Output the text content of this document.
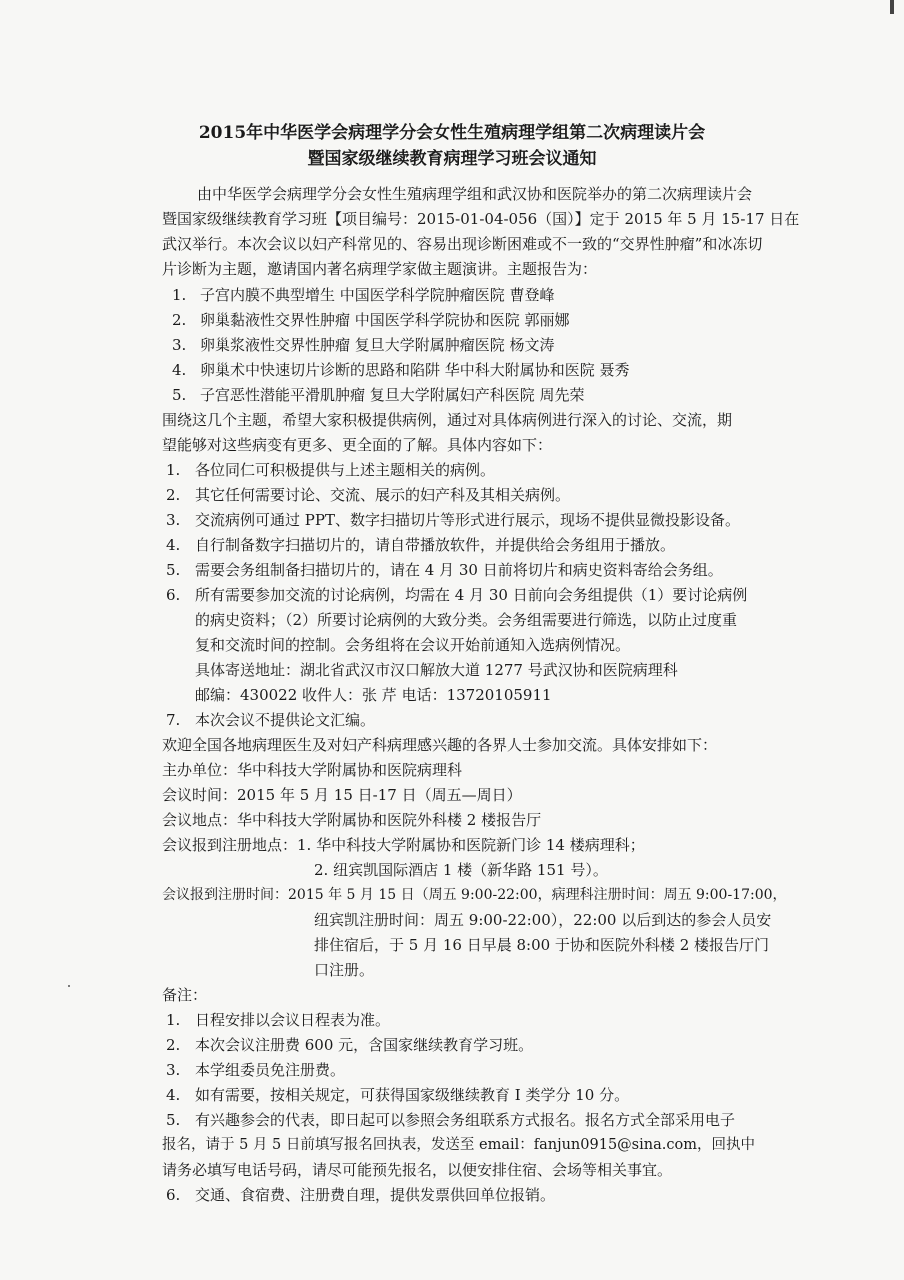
2015年中华医学会病理学分会女性生殖病理学组第二次病理读片会
暨国家级继续教育病理学习班会议通知
由中华医学会病理学分会女性生殖病理学组和武汉协和医院举办的第二次病理读片会
暨国家级继续教育学习班【项目编号：2015-01-04-056（国）】定于 2015 年 5 月 15-17 日在
武汉举行。本次会议以妇产科常见的、容易出现诊断困难或不一致的“交界性肿瘤”和冰冻切
片诊断为主题，邀请国内著名病理学家做主题演讲。主题报告为：
1. 子宫内膜不典型增生 中国医学科学院肿瘤医院 曹登峰
2. 卵巢黏液性交界性肿瘤 中国医学科学院协和医院 郭丽娜
3. 卵巢浆液性交界性肿瘤 复旦大学附属肿瘤医院 杨文涛
4. 卵巢术中快速切片诊断的思路和陷阱 华中科大附属协和医院 聂秀
5. 子宫恶性潜能平滑肌肿瘤 复旦大学附属妇产科医院 周先荣
围绕这几个主题，希望大家积极提供病例，通过对具体病例进行深入的讨论、交流，期
望能够对这些病变有更多、更全面的了解。具体内容如下：
1. 各位同仁可积极提供与上述主题相关的病例。
2. 其它任何需要讨论、交流、展示的妇产科及其相关病例。
3. 交流病例可通过 PPT、数字扫描切片等形式进行展示，现场不提供显微投影设备。
4. 自行制备数字扫描切片的，请自带播放软件，并提供给会务组用于播放。
5. 需要会务组制备扫描切片的，请在 4 月 30 日前将切片和病史资料寄给会务组。
6. 所有需要参加交流的讨论病例，均需在 4 月 30 日前向会务组提供（1）要讨论病例
的病史资料；（2）所要讨论病例的大致分类。会务组需要进行筛选，以防止过度重
复和交流时间的控制。会务组将在会议开始前通知入选病例情况。
具体寄送地址：湖北省武汉市汉口解放大道 1277 号武汉协和医院病理科
邮编：430022 收件人：张 芹 电话：13720105911
7. 本次会议不提供论文汇编。
欢迎全国各地病理医生及对妇产科病理感兴趣的各界人士参加交流。具体安排如下：
主办单位：华中科技大学附属协和医院病理科
会议时间：2015 年 5 月 15 日-17 日（周五—周日）
会议地点：华中科技大学附属协和医院外科楼 2 楼报告厅
会议报到注册地点：1. 华中科技大学附属协和医院新门诊 14 楼病理科；
2. 纽宾凯国际酒店 1 楼（新华路 151 号）。
会议报到注册时间：2015 年 5 月 15 日（周五 9:00-22:00，病理科注册时间：周五 9:00-17:00，
纽宾凯注册时间：周五 9:00-22:00），22:00 以后到达的参会人员安
排住宿后，于 5 月 16 日早晨 8:00 于协和医院外科楼 2 楼报告厅门
口注册。
备注：
1. 日程安排以会议日程表为准。
2. 本次会议注册费 600 元，含国家继续教育学习班。
3. 本学组委员免注册费。
4. 如有需要，按相关规定，可获得国家级继续教育 I 类学分 10 分。
5. 有兴趣参会的代表，即日起可以参照会务组联系方式报名。报名方式全部采用电子
报名，请于 5 月 5 日前填写报名回执表，发送至 email：fanjun0915@sina.com，回执中
请务必填写电话号码，请尽可能预先报名，以便安排住宿、会场等相关事宜。
6. 交通、食宿费、注册费自理，提供发票供回单位报销。
